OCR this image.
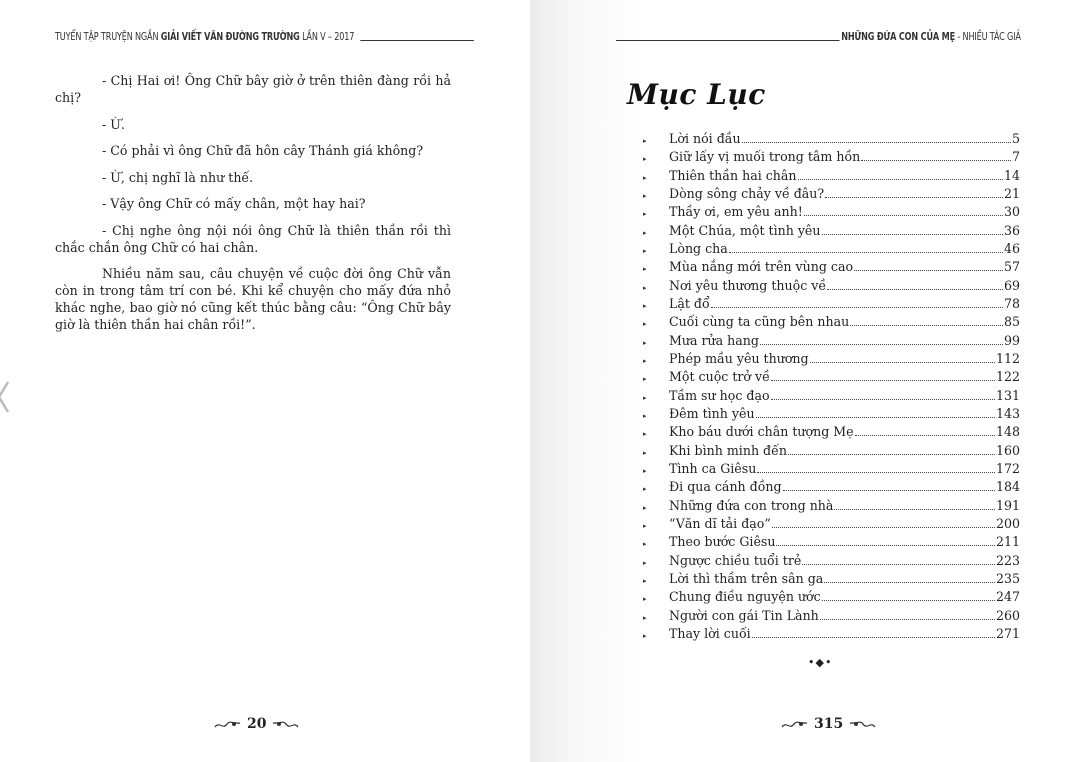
TUYỂN TẬP TRUYỆN NGẮN GIẢI VIẾT VĂN ĐƯỜNG TRƯỜNG LẦN V – 2017

- Chị Hai ơi! Ông Chữ bây giờ ở trên thiên đàng rồi hả chị?

- Ừ.

- Có phải vì ông Chữ đã hôn cây Thánh giá không?

- Ừ, chị nghĩ là như thế.

- Vậy ông Chữ có mấy chân, một hay hai?

- Chị nghe ông nội nói ông Chữ là thiên thần rồi thì chắc chắn ông Chữ có hai chân.

Nhiều năm sau, câu chuyện về cuộc đời ông Chữ vẫn còn in trong tâm trí con bé. Khi kể chuyện cho mấy đứa nhỏ khác nghe, bao giờ nó cũng kết thúc bằng câu: “Ông Chữ bây giờ là thiên thần hai chân rồi!”.

20
NHỮNG ĐỨA CON CỦA MẸ - NHIỀU TÁC GIẢ
Mục Lục
▸	Lời nói đầu	5
▸	Giữ lấy vị muối trong tâm hồn	7
▸	Thiên thần hai chân	14
▸	Dòng sông chảy về đâu?	21
▸	Thầy ơi, em yêu anh!	30
▸	Một Chúa, một tình yêu	36
▸	Lòng cha	46
▸	Mùa nắng mới trên vùng cao	57
▸	Nơi yêu thương thuộc về	69
▸	Lật đổ	78
▸	Cuối cùng ta cũng bên nhau	85
▸	Mưa rửa hang	99
▸	Phép mầu yêu thương	112
▸	Một cuộc trở về	122
▸	Tầm sư học đạo	131
▸	Đêm tình yêu	143
▸	Kho báu dưới chân tượng Mẹ	148
▸	Khi bình minh đến	160
▸	Tình ca Giêsu	172
▸	Đi qua cánh đồng	184
▸	Những đứa con trong nhà	191
▸	“Văn dĩ tải đạo”	200
▸	Theo bước Giêsu	211
▸	Ngược chiều tuổi trẻ	223
▸	Lời thì thầm trên sân ga	235
▸	Chung điều nguyện ước	247
▸	Người con gái Tin Lành	260
▸	Thay lời cuối	271
•◆•
315
